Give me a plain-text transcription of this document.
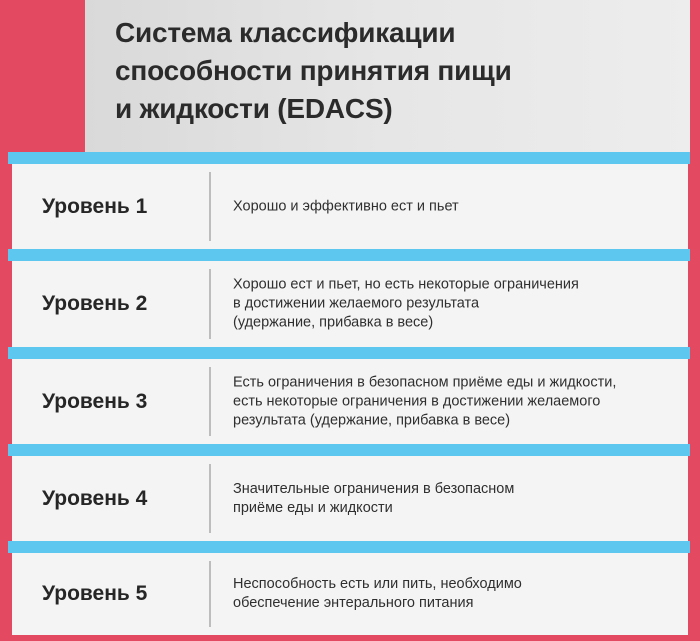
Система классификации
способности принятия пищи
и жидкости (EDACS)
Уровень 1	Хорошо и эффективно ест и пьет
Уровень 2
Хорошо ест и пьет, но есть некоторые ограничения
в достижении желаемого результата
(удержание, прибавка в весе)
Уровень 3
Есть ограничения в безопасном приёме еды и жидкости,
есть некоторые ограничения в достижении желаемого
результата (удержание, прибавка в весе)
Уровень 4	Значительные ограничения в безопасном
приёме еды и жидкости
Уровень 5	Неспособность есть или пить, необходимо
обеспечение энтерального питания
